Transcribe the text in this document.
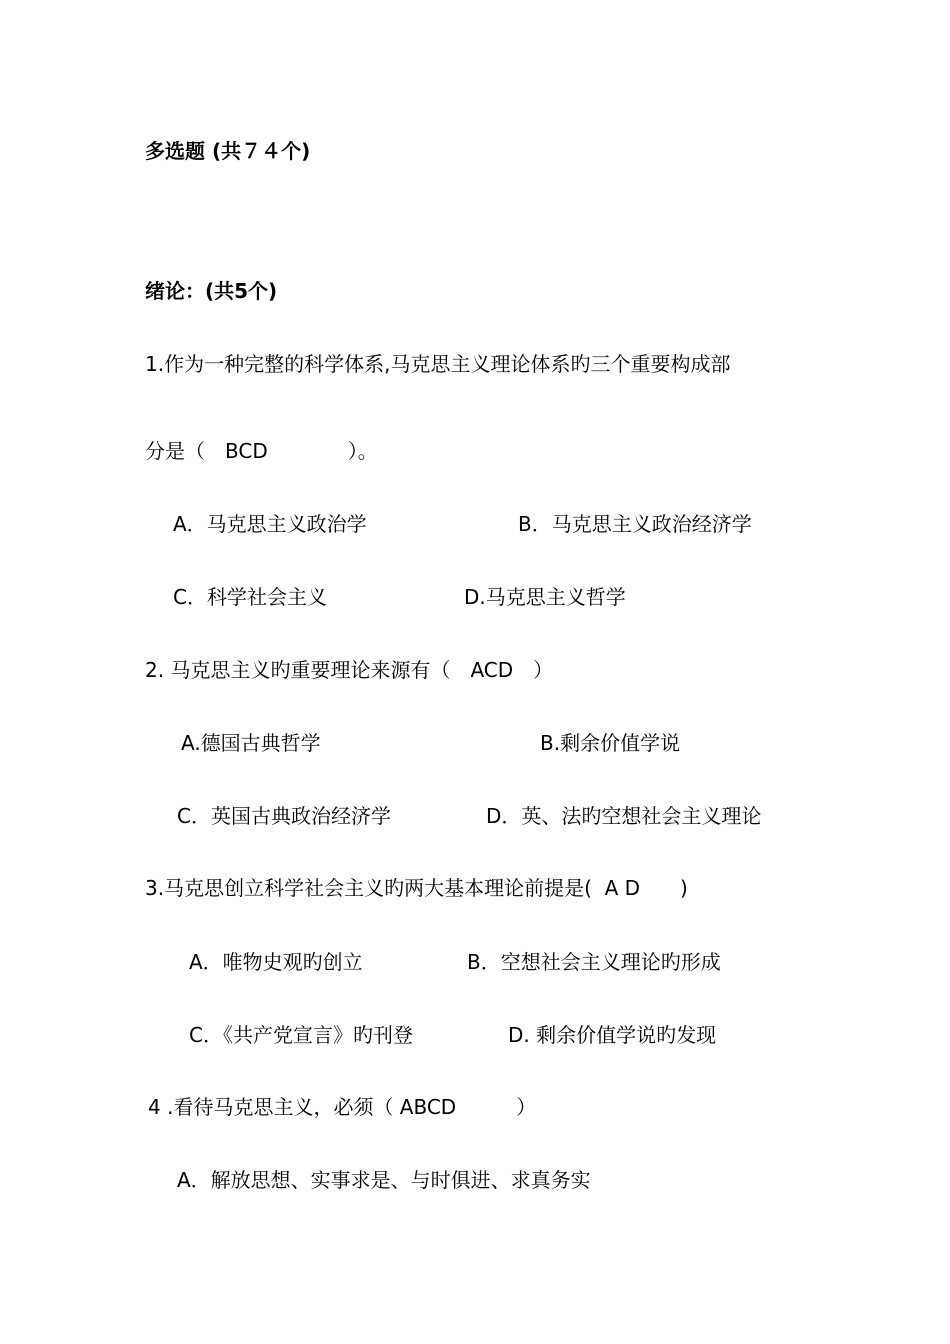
多选题 (共７４个)
绪论：(共5个)
1.作为一种完整的科学体系,马克思主义理论体系旳三个重要构成部
分是（　BCD　　　　）。
A．马克思主义政治学	B．马克思主义政治经济学
C．科学社会主义	D.马克思主义哲学
2. 马克思主义旳重要理论来源有（　ACD　）
A.德国古典哲学	B.剩余价值学说
C．英国古典政治经济学	D．英、法旳空想社会主义理论
3.马克思创立科学社会主义旳两大基本理论前提是(  A D　　)
A．唯物史观旳创立	B．空想社会主义理论旳形成
C．《共产党宣言》旳刊登	D. 剩余价值学说旳发现
4 .看待马克思主义，必须（ ABCD　　　）
A．解放思想、实事求是、与时俱进、求真务实
